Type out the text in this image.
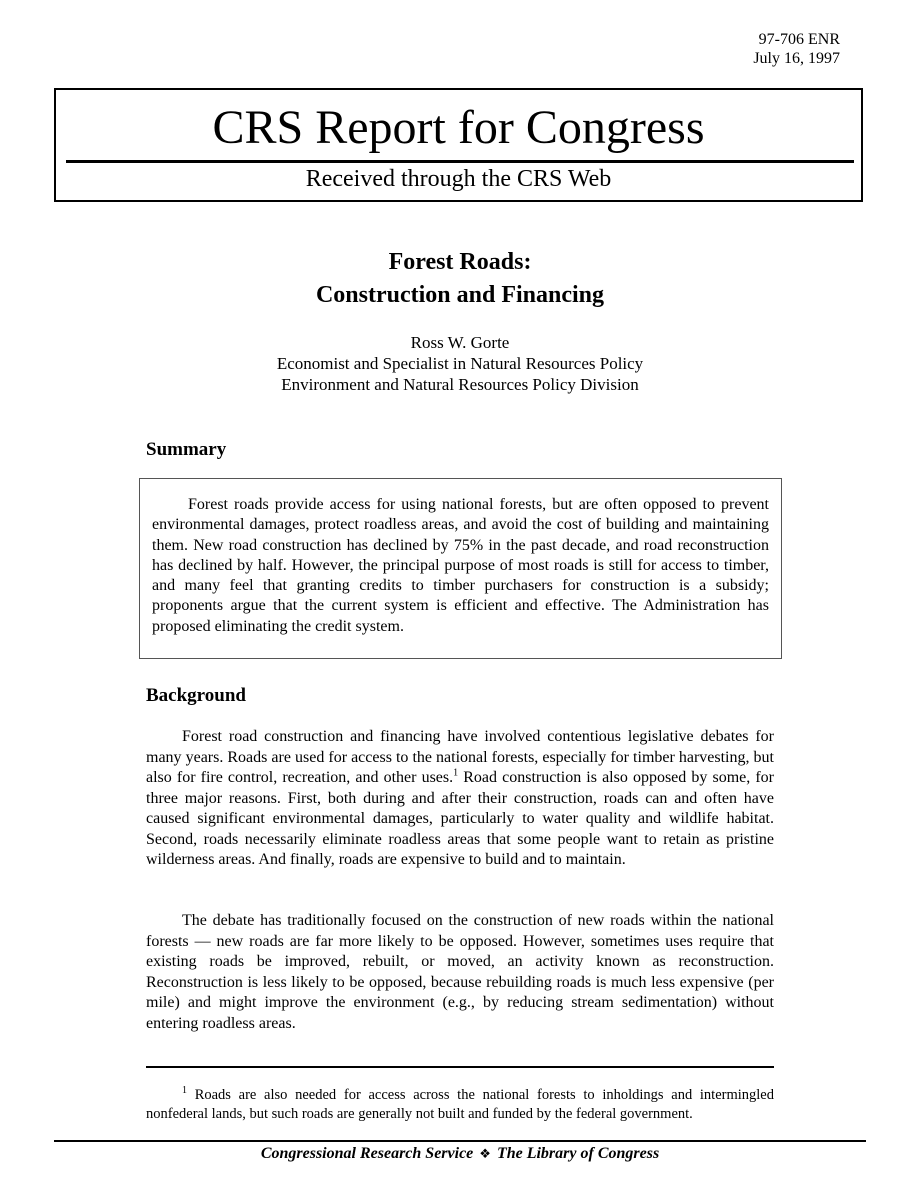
97-706 ENR
July 16, 1997
CRS Report for Congress
Received through the CRS Web
Forest Roads:
Construction and Financing
Ross W. Gorte
Economist and Specialist in Natural Resources Policy
Environment and Natural Resources Policy Division
Summary
Forest roads provide access for using national forests, but are often opposed to prevent environmental damages, protect roadless areas, and avoid the cost of building and maintaining them. New road construction has declined by 75% in the past decade, and road reconstruction has declined by half. However, the principal purpose of most roads is still for access to timber, and many feel that granting credits to timber purchasers for construction is a subsidy; proponents argue that the current system is efficient and effective. The Administration has proposed eliminating the credit system.
Background

Forest road construction and financing have involved contentious legislative debates for many years. Roads are used for access to the national forests, especially for timber harvesting, but also for fire control, recreation, and other uses.$^1$ Road construction is also opposed by some, for three major reasons. First, both during and after their construction, roads can and often have caused significant environmental damages, particularly to water quality and wildlife habitat. Second, roads necessarily eliminate roadless areas that some people want to retain as pristine wilderness areas. And finally, roads are expensive to build and to maintain.

The debate has traditionally focused on the construction of new roads within the national forests — new roads are far more likely to be opposed. However, sometimes uses require that existing roads be improved, rebuilt, or moved, an activity known as reconstruction. Reconstruction is less likely to be opposed, because rebuilding roads is much less expensive (per mile) and might improve the environment (e.g., by reducing stream sedimentation) without entering roadless areas.

$^1$ Roads are also needed for access across the national forests to inholdings and intermingled nonfederal lands, but such roads are generally not built and funded by the federal government.
Congressional Research Service ❖ The Library of Congress
